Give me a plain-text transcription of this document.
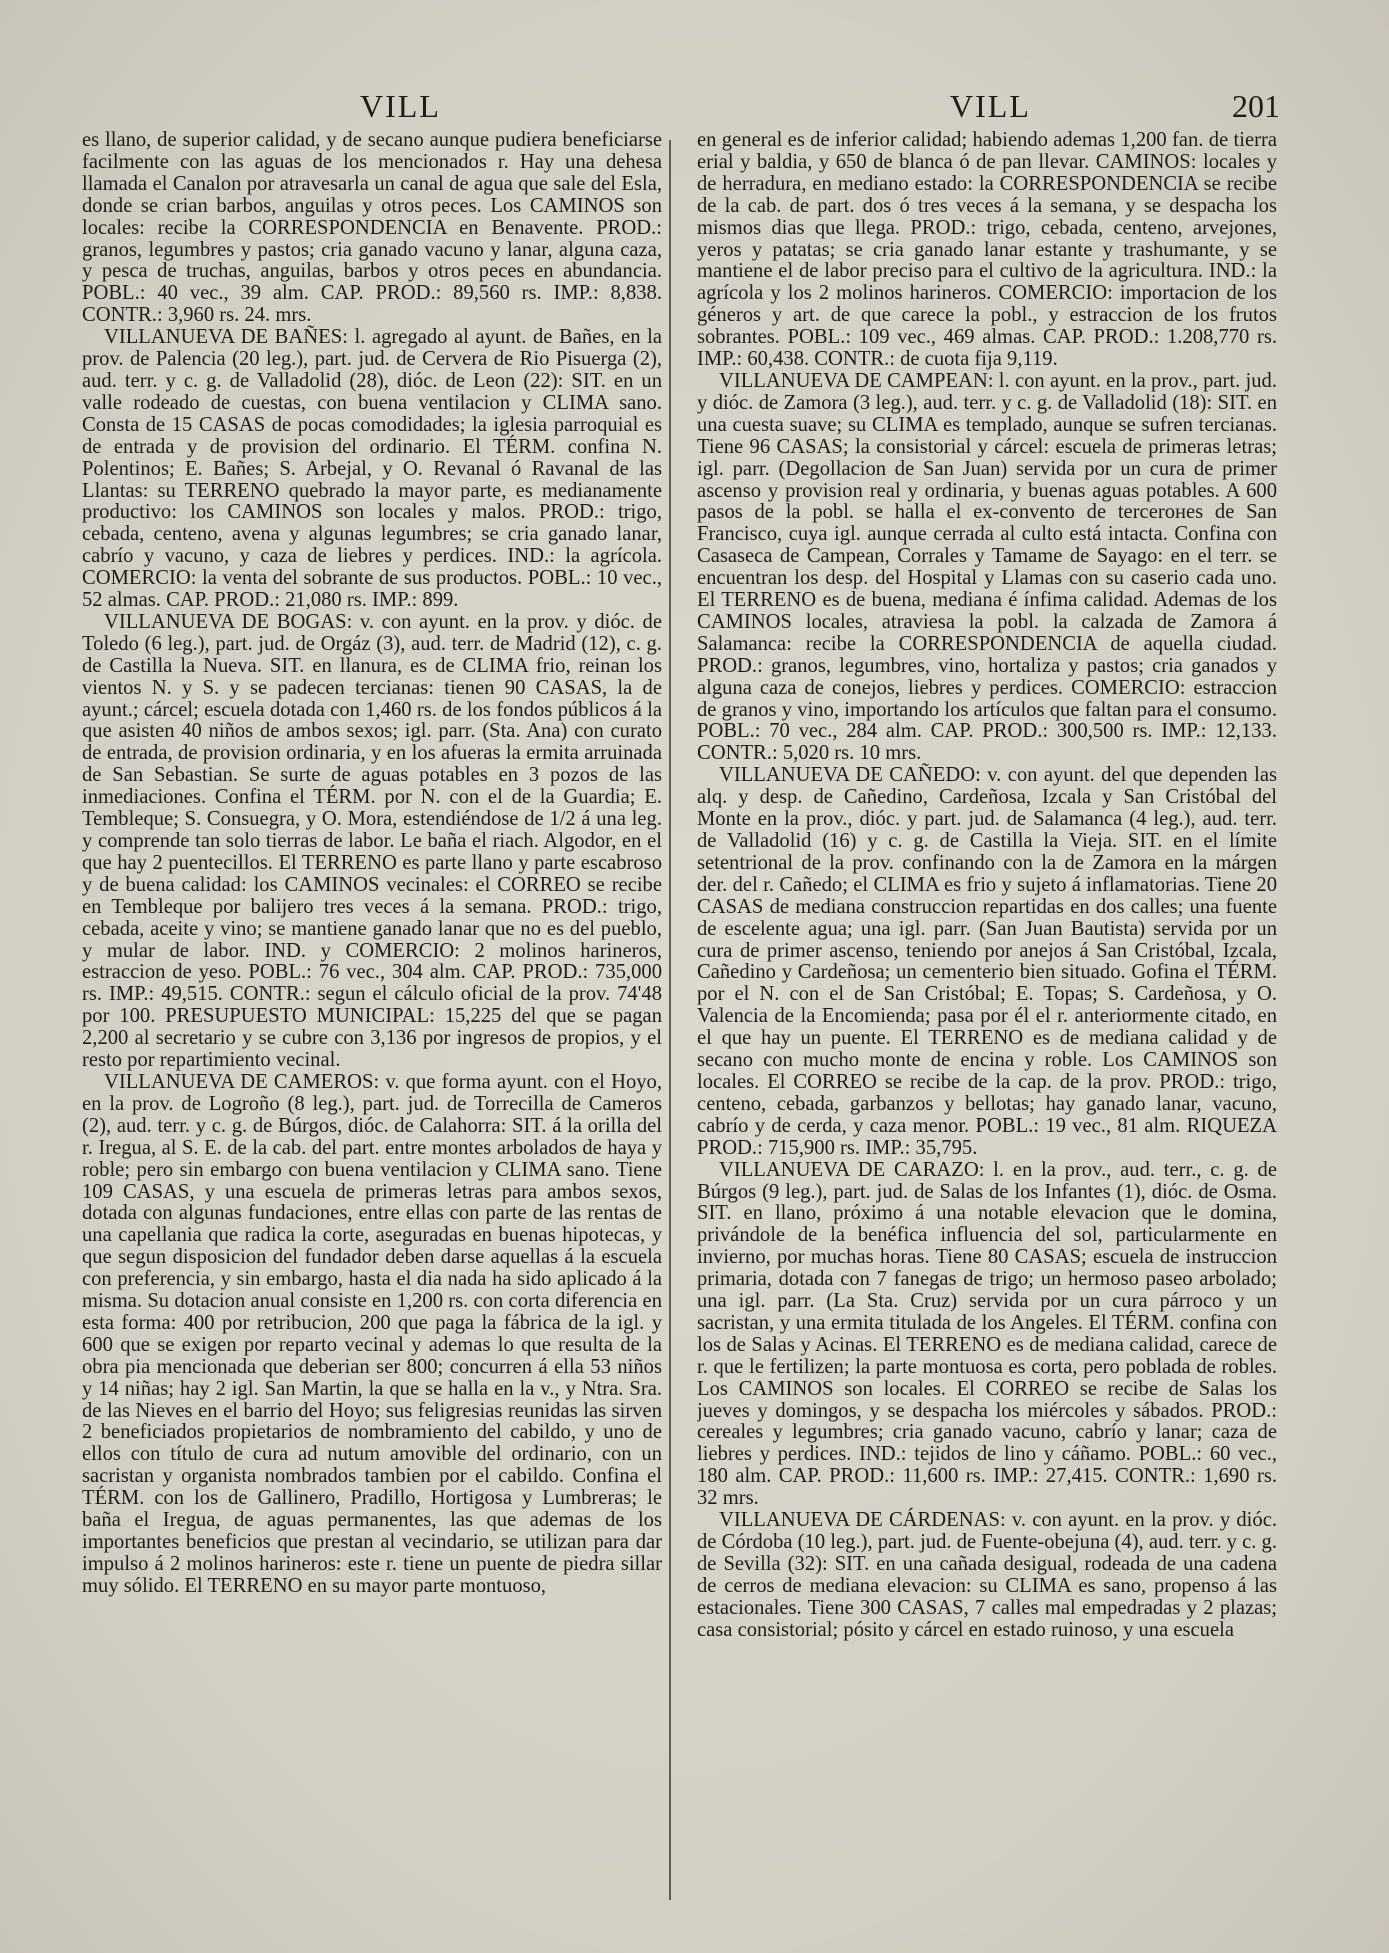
VILL	VILL	201

es llano, de superior calidad, y de secano aunque pudiera beneficiarse facilmente con las aguas de los mencionados r. Hay una dehesa llamada el Canalon por atravesarla un canal de agua que sale del Esla, donde se crian barbos, anguilas y otros peces. Los CAMINOS son locales: recibe la CORRESPONDENCIA en Benavente. PROD.: granos, legumbres y pastos; cria ganado vacuno y lanar, alguna caza, y pesca de truchas, anguilas, barbos y otros peces en abundancia. POBL.: 40 vec., 39 alm. CAP. PROD.: 89,560 rs. IMP.: 8,838. CONTR.: 3,960 rs. 24. mrs.

VILLANUEVA DE BAÑES: l. agregado al ayunt. de Bañes, en la prov. de Palencia (20 leg.), part. jud. de Cervera de Rio Pisuerga (2), aud. terr. y c. g. de Valladolid (28), dióc. de Leon (22): SIT. en un valle rodeado de cuestas, con buena ventilacion y CLIMA sano. Consta de 15 CASAS de pocas comodidades; la iglesia parroquial es de entrada y de provision del ordinario. El TÉRM. confina N. Polentinos; E. Bañes; S. Arbejal, y O. Revanal ó Ravanal de las Llantas: su TERRENO quebrado la mayor parte, es medianamente productivo: los CAMINOS son locales y malos. PROD.: trigo, cebada, centeno, avena y algunas legumbres; se cria ganado lanar, cabrío y vacuno, y caza de liebres y perdices. IND.: la agrícola. COMERCIO: la venta del sobrante de sus productos. POBL.: 10 vec., 52 almas. CAP. PROD.: 21,080 rs. IMP.: 899.

VILLANUEVA DE BOGAS: v. con ayunt. en la prov. y dióc. de Toledo (6 leg.), part. jud. de Orgáz (3), aud. terr. de Madrid (12), c. g. de Castilla la Nueva. SIT. en llanura, es de CLIMA frio, reinan los vientos N. y S. y se padecen tercianas: tienen 90 CASAS, la de ayunt.; cárcel; escuela dotada con 1,460 rs. de los fondos públicos á la que asisten 40 niños de ambos sexos; igl. parr. (Sta. Ana) con curato de entrada, de provision ordinaria, y en los afueras la ermita arruinada de San Sebastian. Se surte de aguas potables en 3 pozos de las inmediaciones. Confina el TÉRM. por N. con el de la Guardia; E. Tembleque; S. Consuegra, y O. Mora, estendiéndose de 1/2 á una leg. y comprende tan solo tierras de labor. Le baña el riach. Algodor, en el que hay 2 puentecillos. El TERRENO es parte llano y parte escabroso y de buena calidad: los CAMINOS vecinales: el CORREO se recibe en Tembleque por balijero tres veces á la semana. PROD.: trigo, cebada, aceite y vino; se mantiene ganado lanar que no es del pueblo, y mular de labor. IND. y COMERCIO: 2 molinos harineros, estraccion de yeso. POBL.: 76 vec., 304 alm. CAP. PROD.: 735,000 rs. IMP.: 49,515. CONTR.: segun el cálculo oficial de la prov. 74'48 por 100. PRESUPUESTO MUNICIPAL: 15,225 del que se pagan 2,200 al secretario y se cubre con 3,136 por ingresos de propios, y el resto por repartimiento vecinal.

VILLANUEVA DE CAMEROS: v. que forma ayunt. con el Hoyo, en la prov. de Logroño (8 leg.), part. jud. de Torrecilla de Cameros (2), aud. terr. y c. g. de Búrgos, dióc. de Calahorra: SIT. á la orilla del r. Iregua, al S. E. de la cab. del part. entre montes arbolados de haya y roble; pero sin embargo con buena ventilacion y CLIMA sano. Tiene 109 CASAS, y una escuela de primeras letras para ambos sexos, dotada con algunas fundaciones, entre ellas con parte de las rentas de una capellania que radica la corte, aseguradas en buenas hipotecas, y que segun disposicion del fundador deben darse aquellas á la escuela con preferencia, y sin embargo, hasta el dia nada ha sido aplicado á la misma. Su dotacion anual consiste en 1,200 rs. con corta diferencia en esta forma: 400 por retribucion, 200 que paga la fábrica de la igl. y 600 que se exigen por reparto vecinal y ademas lo que resulta de la obra pia mencionada que deberian ser 800; concurren á ella 53 niños y 14 niñas; hay 2 igl. San Martin, la que se halla en la v., y Ntra. Sra. de las Nieves en el barrio del Hoyo; sus feligresias reunidas las sirven 2 beneficiados propietarios de nombramiento del cabildo, y uno de ellos con título de cura ad nutum amovible del ordinario, con un sacristan y organista nombrados tambien por el cabildo. Confina el TÉRM. con los de Gallinero, Pradillo, Hortigosa y Lumbreras; le baña el Iregua, de aguas permanentes, las que ademas de los importantes beneficios que prestan al vecindario, se utilizan para dar impulso á 2 molinos harineros: este r. tiene un puente de piedra sillar muy sólido. El TERRENO en su mayor parte montuoso,

en general es de inferior calidad; habiendo ademas 1,200 fan. de tierra erial y baldia, y 650 de blanca ó de pan llevar. CAMINOS: locales y de herradura, en mediano estado: la CORRESPONDENCIA se recibe de la cab. de part. dos ó tres veces á la semana, y se despacha los mismos dias que llega. PROD.: trigo, cebada, centeno, arvejones, yeros y patatas; se cria ganado lanar estante y trashumante, y se mantiene el de labor preciso para el cultivo de la agricultura. IND.: la agrícola y los 2 molinos harineros. COMERCIO: importacion de los géneros y art. de que carece la pobl., y estraccion de los frutos sobrantes. POBL.: 109 vec., 469 almas. CAP. PROD.: 1.208,770 rs. IMP.: 60,438. CONTR.: de cuota fija 9,119.

VILLANUEVA DE CAMPEAN: l. con ayunt. en la prov., part. jud. y dióc. de Zamora (3 leg.), aud. terr. y c. g. de Valladolid (18): SIT. en una cuesta suave; su CLIMA es templado, aunque se sufren tercianas. Tiene 96 CASAS; la consistorial y cárcel: escuela de primeras letras; igl. parr. (Degollacion de San Juan) servida por un cura de primer ascenso y provision real y ordinaria, y buenas aguas potables. A 600 pasos de la pobl. se halla el ex-convento de terceroнes de San Francisco, cuya igl. aunque cerrada al culto está intacta. Confina con Casaseca de Campean, Corrales y Tamame de Sayago: en el terr. se encuentran los desp. del Hospital y Llamas con su caserio cada uno. El TERRENO es de buena, mediana é ínfima calidad. Ademas de los CAMINOS locales, atraviesa la pobl. la calzada de Zamora á Salamanca: recibe la CORRESPONDENCIA de aquella ciudad. PROD.: granos, legumbres, vino, hortaliza y pastos; cria ganados y alguna caza de conejos, liebres y perdices. COMERCIO: estraccion de granos y vino, importando los artículos que faltan para el consumo. POBL.: 70 vec., 284 alm. CAP. PROD.: 300,500 rs. IMP.: 12,133. CONTR.: 5,020 rs. 10 mrs.

VILLANUEVA DE CAÑEDO: v. con ayunt. del que dependen las alq. y desp. de Cañedino, Cardeñosa, Izcala y San Cristóbal del Monte en la prov., dióc. y part. jud. de Salamanca (4 leg.), aud. terr. de Valladolid (16) y c. g. de Castilla la Vieja. SIT. en el límite setentrional de la prov. confinando con la de Zamora en la márgen der. del r. Cañedo; el CLIMA es frio y sujeto á inflamatorias. Tiene 20 CASAS de mediana construccion repartidas en dos calles; una fuente de escelente agua; una igl. parr. (San Juan Bautista) servida por un cura de primer ascenso, teniendo por anejos á San Cristóbal, Izcala, Cañedino y Cardeñosa; un cementerio bien situado. Gofina el TÉRM. por el N. con el de San Cristóbal; E. Topas; S. Cardeñosa, y O. Valencia de la Encomienda; pasa por él el r. anteriormente citado, en el que hay un puente. El TERRENO es de mediana calidad y de secano con mucho monte de encina y roble. Los CAMINOS son locales. El CORREO se recibe de la cap. de la prov. PROD.: trigo, centeno, cebada, garbanzos y bellotas; hay ganado lanar, vacuno, cabrío y de cerda, y caza menor. POBL.: 19 vec., 81 alm. RIQUEZA PROD.: 715,900 rs. IMP.: 35,795.

VILLANUEVA DE CARAZO: l. en la prov., aud. terr., c. g. de Búrgos (9 leg.), part. jud. de Salas de los Infantes (1), dióc. de Osma. SIT. en llano, próximo á una notable elevacion que le domina, privándole de la benéfica influencia del sol, particularmente en invierno, por muchas horas. Tiene 80 CASAS; escuela de instruccion primaria, dotada con 7 fanegas de trigo; un hermoso paseo arbolado; una igl. parr. (La Sta. Cruz) servida por un cura párroco y un sacristan, y una ermita titulada de los Angeles. El TÉRM. confina con los de Salas y Acinas. El TERRENO es de mediana calidad, carece de r. que le fertilizen; la parte montuosa es corta, pero poblada de robles. Los CAMINOS son locales. El CORREO se recibe de Salas los jueves y domingos, y se despacha los miércoles y sábados. PROD.: cereales y legumbres; cria ganado vacuno, cabrío y lanar; caza de liebres y perdices. IND.: tejidos de lino y cáñamo. POBL.: 60 vec., 180 alm. CAP. PROD.: 11,600 rs. IMP.: 27,415. CONTR.: 1,690 rs. 32 mrs.

VILLANUEVA DE CÁRDENAS: v. con ayunt. en la prov. y dióc. de Córdoba (10 leg.), part. jud. de Fuente-obejuna (4), aud. terr. y c. g. de Sevilla (32): SIT. en una cañada desigual, rodeada de una cadena de cerros de mediana elevacion: su CLIMA es sano, propenso á las estacionales. Tiene 300 CASAS, 7 calles mal empedradas y 2 plazas; casa consistorial; pósito y cárcel en estado ruinoso, y una escuela
